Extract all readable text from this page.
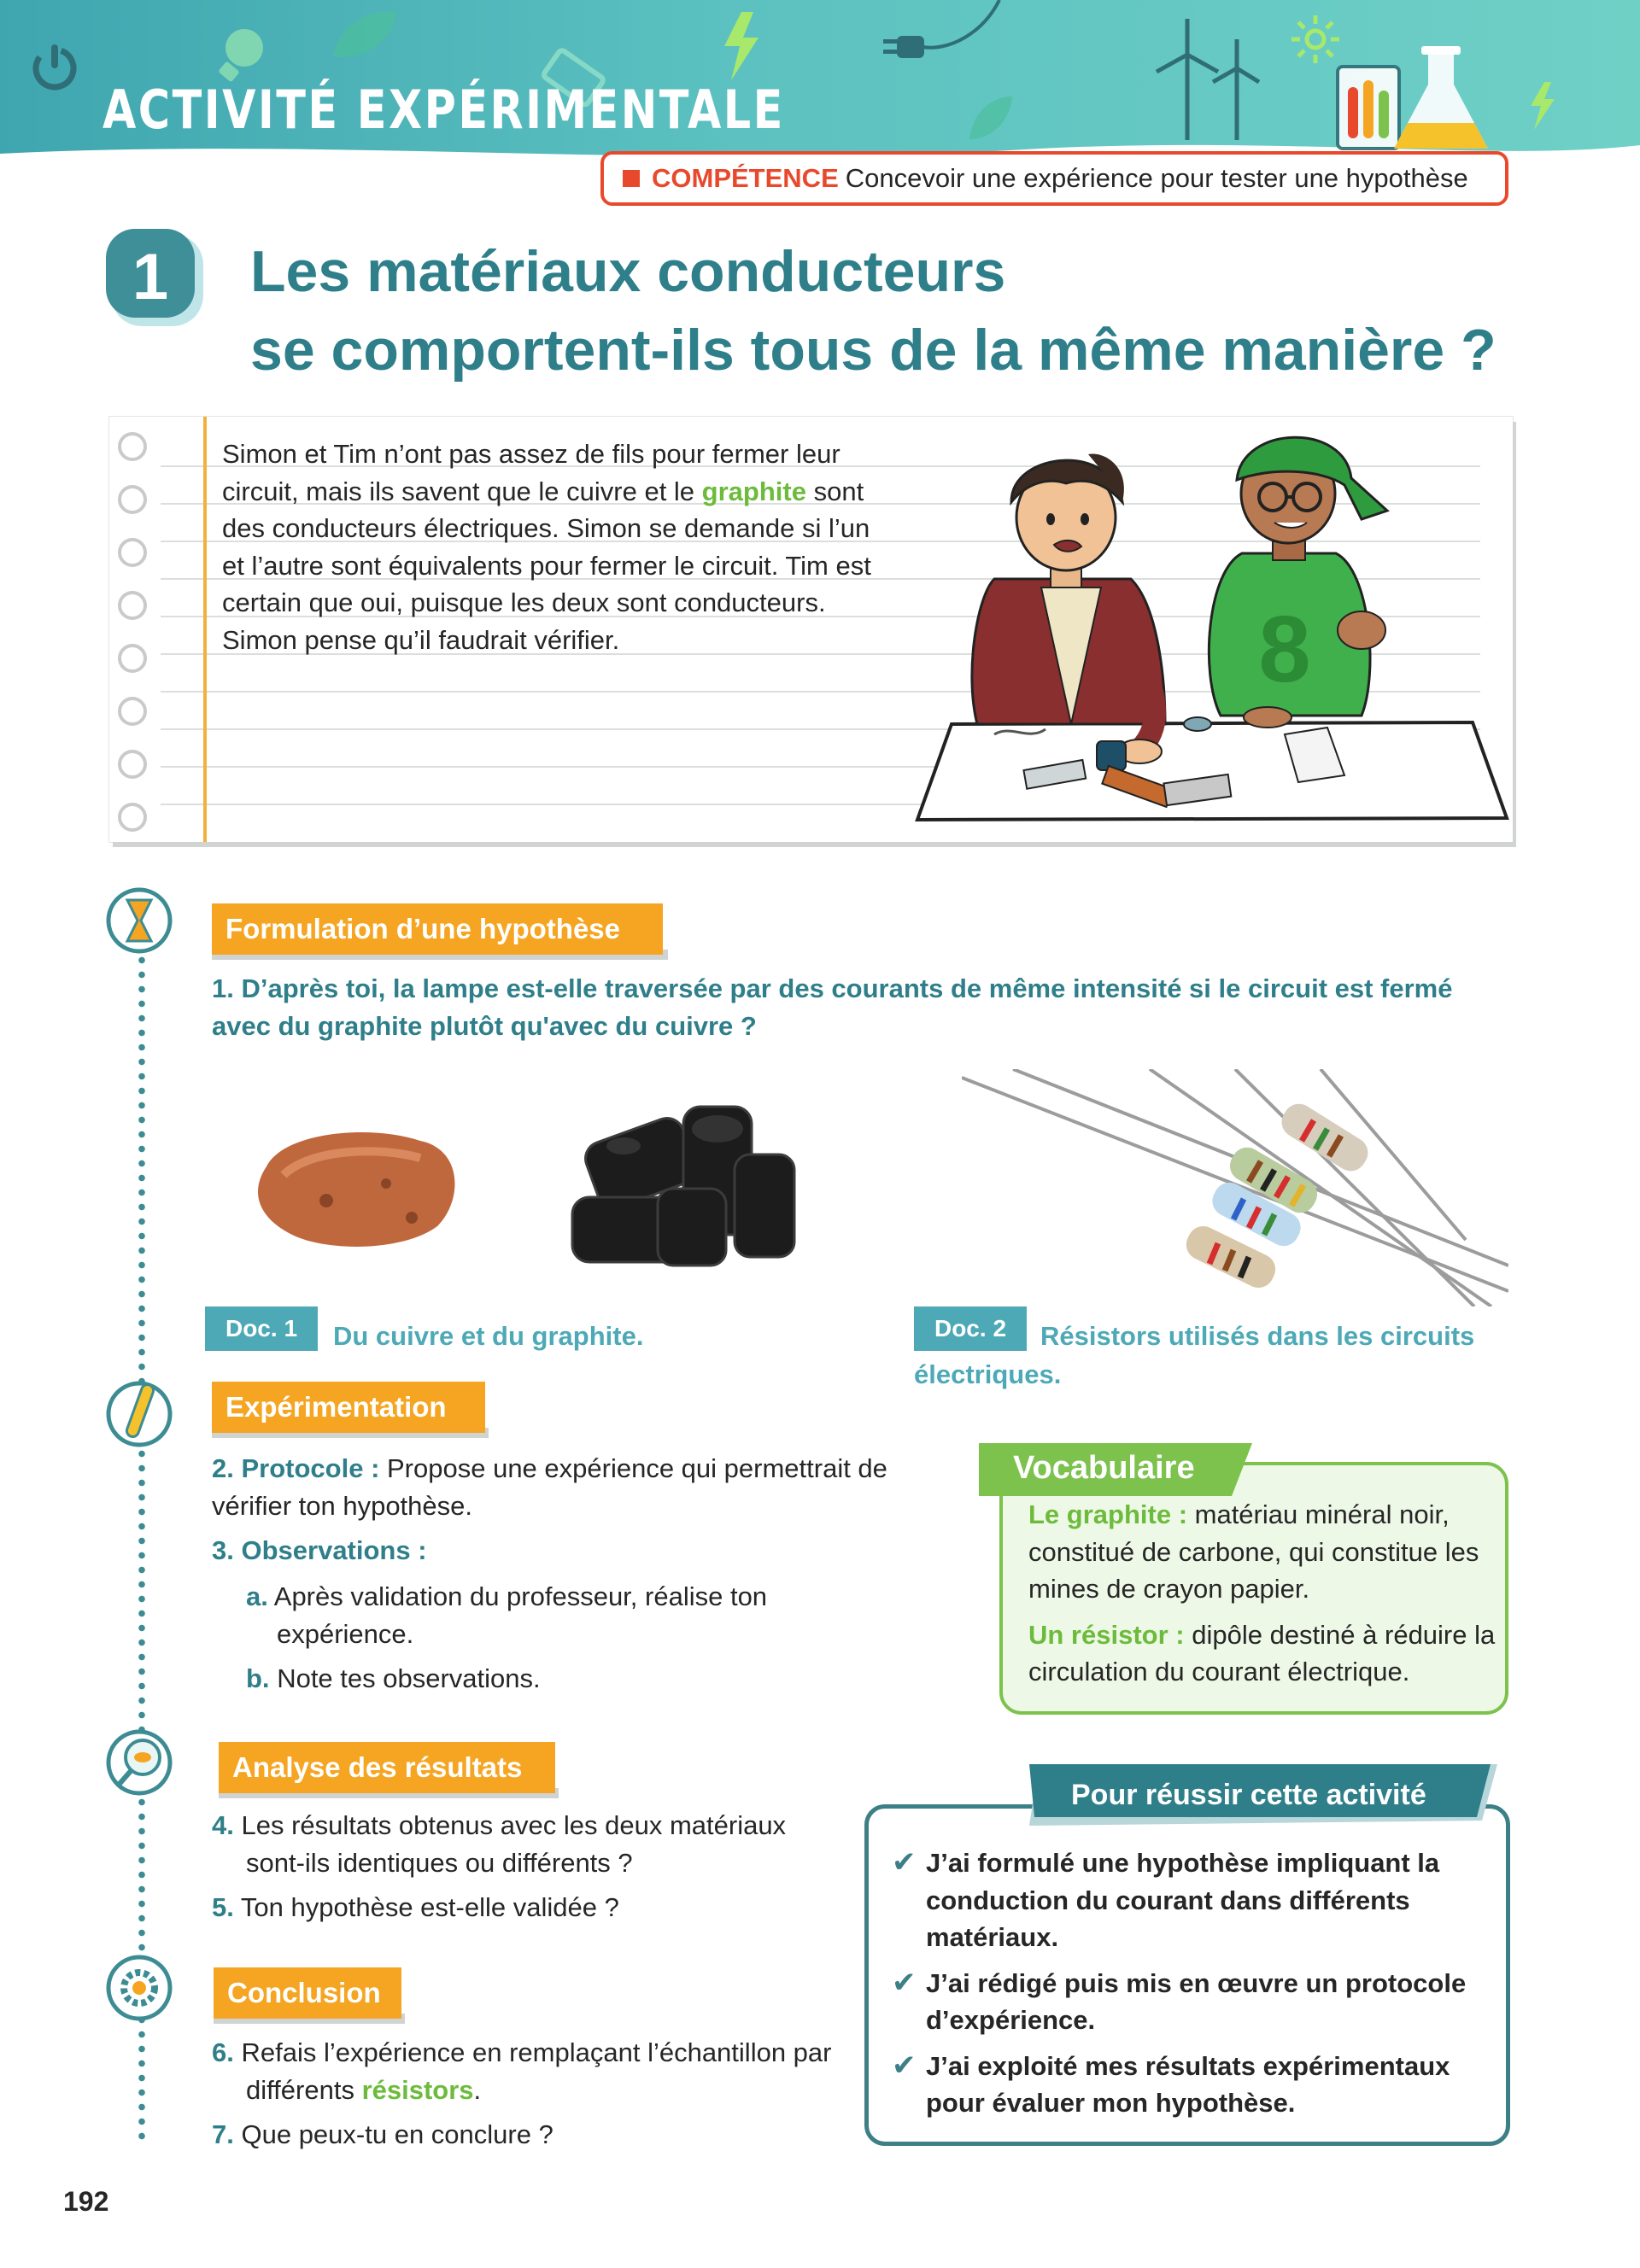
ACTIVITÉ EXPÉRIMENTALE
COMPÉTENCE Concevoir une expérience pour tester une hypothèse
1 Les matériaux conducteurs
se comportent-ils tous de la même manière ?
Simon et Tim n’ont pas assez de fils pour fermer leur circuit, mais ils savent que le cuivre et le graphite sont des conducteurs électriques. Simon se demande si l’un et l’autre sont équivalents pour fermer le circuit. Tim est certain que oui, puisque les deux sont conducteurs. Simon pense qu’il faudrait vérifier.	8
Formulation d’une hypothèse
1. D’après toi, la lampe est-elle traversée par des courants de même intensité si le circuit est fermé avec du graphite plutôt qu'avec du cuivre ?
Doc. 1	Du cuivre et du graphite.	Doc. 2	Résistors utilisés dans les circuits électriques.
Expérimentation
2. Protocole : Propose une expérience qui permettrait de vérifier ton hypothèse.
3. Observations :
a. Après validation du professeur, réalise ton expérience.
b. Note tes observations.
Analyse des résultats
4. Les résultats obtenus avec les deux matériaux sont-ils identiques ou différents ?
5. Ton hypothèse est-elle validée ?
Conclusion
6. Refais l’expérience en remplaçant l’échantillon par différents résistors.
7. Que peux-tu en conclure ?
Vocabulaire

Le graphite : matériau minéral noir, constitué de carbone, qui constitue les mines de crayon papier.

Un résistor : dipôle destiné à réduire la circulation du courant électrique.

Pour réussir cette activité
✔ J’ai formulé une hypothèse impliquant la conduction du courant dans différents matériaux.
✔ J’ai rédigé puis mis en œuvre un protocole d’expérience.
✔ J’ai exploité mes résultats expérimentaux pour évaluer mon hypothèse.
192
